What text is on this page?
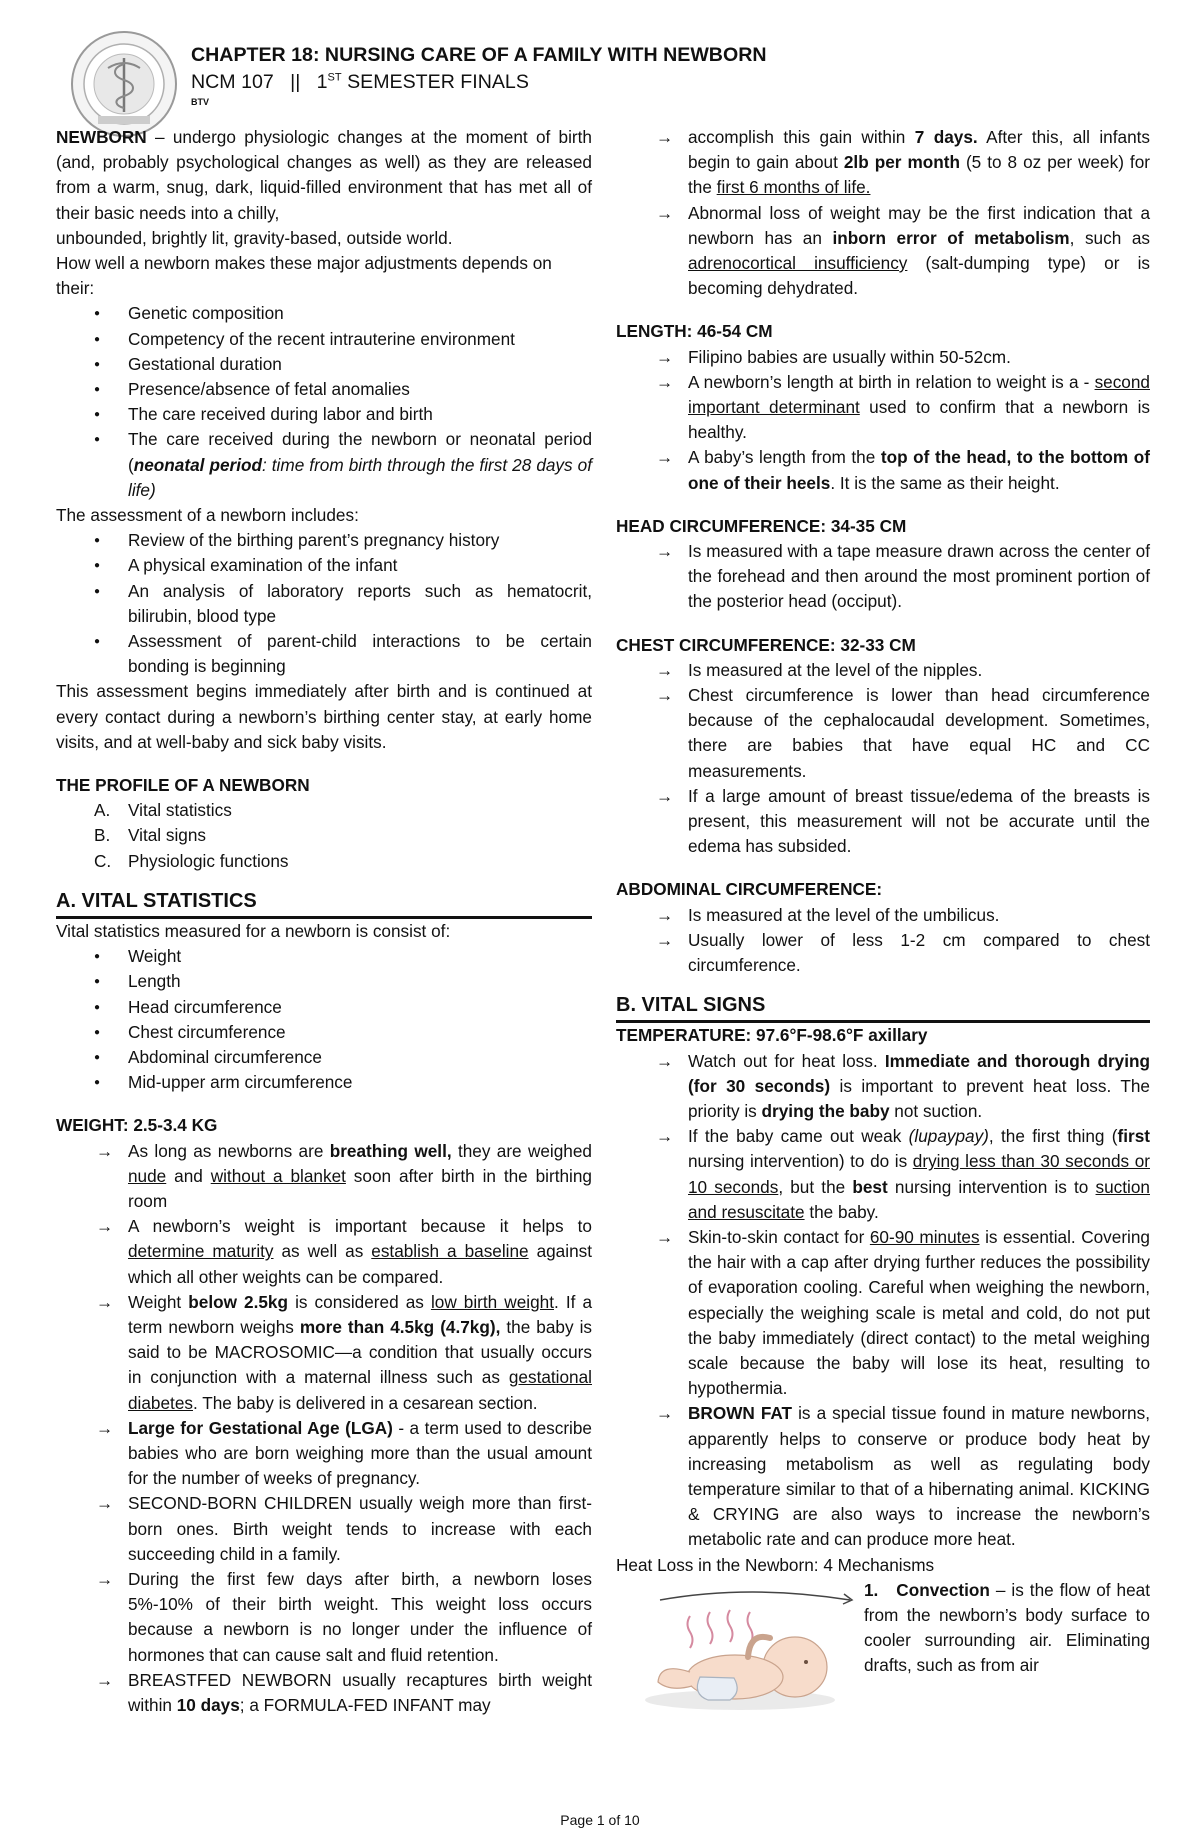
CHAPTER 18: NURSING CARE OF A FAMILY WITH NEWBORN
NCM 107 || 1ST SEMESTER FINALS
BTV

NEWBORN – undergo physiologic changes at the moment of birth (and, probably psychological changes as well) as they are released from a warm, snug, dark, liquid-filled environment that has met all of their basic needs into a chilly,

unbounded, brightly lit, gravity-based, outside world.

How well a newborn makes these major adjustments depends on their:

● Genetic composition
● Competency of the recent intrauterine environment
● Gestational duration
● Presence/absence of fetal anomalies
● The care received during labor and birth
● The care received during the newborn or neonatal period (neonatal period: time from birth through the first 28 days of life)

The assessment of a newborn includes:

● Review of the birthing parent’s pregnancy history
● A physical examination of the infant
● An analysis of laboratory reports such as hematocrit, bilirubin, blood type
● Assessment of parent-child interactions to be certain bonding is beginning

This assessment begins immediately after birth and is continued at every contact during a newborn’s birthing center stay, at early home visits, and at well-baby and sick baby visits.

THE PROFILE OF A NEWBORN

A. Vital statistics
B. Vital signs
C. Physiologic functions
A. VITAL STATISTICS

Vital statistics measured for a newborn is consist of:

● Weight
● Length
● Head circumference
● Chest circumference
● Abdominal circumference
● Mid-upper arm circumference

WEIGHT: 2.5-3.4 KG

→ As long as newborns are breathing well, they are weighed nude and without a blanket soon after birth in the birthing room
→ A newborn’s weight is important because it helps to determine maturity as well as establish a baseline against which all other weights can be compared.
→ Weight below 2.5kg is considered as low birth weight. If a term newborn weighs more than 4.5kg (4.7kg), the baby is said to be MACROSOMIC—a condition that usually occurs in conjunction with a maternal illness such as gestational diabetes. The baby is delivered in a cesarean section.
→ Large for Gestational Age (LGA) - a term used to describe babies who are born weighing more than the usual amount for the number of weeks of pregnancy.
→ SECOND-BORN CHILDREN usually weigh more than first-born ones. Birth weight tends to increase with each succeeding child in a family.
→ During the first few days after birth, a newborn loses 5%-10% of their birth weight. This weight loss occurs because a newborn is no longer under the influence of hormones that can cause salt and fluid retention.
→ BREASTFED NEWBORN usually recaptures birth weight within 10 days; a FORMULA-FED INFANT may
→ accomplish this gain within 7 days. After this, all infants begin to gain about 2lb per month (5 to 8 oz per week) for the first 6 months of life.
→ Abnormal loss of weight may be the first indication that a newborn has an inborn error of metabolism, such as adrenocortical insufficiency (salt-dumping type) or is becoming dehydrated.

LENGTH: 46-54 CM

→ Filipino babies are usually within 50-52cm.
→ A newborn’s length at birth in relation to weight is a - second important determinant used to confirm that a newborn is healthy.
→ A baby’s length from the top of the head, to the bottom of one of their heels. It is the same as their height.

HEAD CIRCUMFERENCE: 34-35 CM

→ Is measured with a tape measure drawn across the center of the forehead and then around the most prominent portion of the posterior head (occiput).

CHEST CIRCUMFERENCE: 32-33 CM

→ Is measured at the level of the nipples.
→ Chest circumference is lower than head circumference because of the cephalocaudal development. Sometimes, there are babies that have equal HC and CC measurements.
→ If a large amount of breast tissue/edema of the breasts is present, this measurement will not be accurate until the edema has subsided.

ABDOMINAL CIRCUMFERENCE:

→ Is measured at the level of the umbilicus.
→ Usually lower of less 1-2 cm compared to chest circumference.
B. VITAL SIGNS

TEMPERATURE: 97.6°F-98.6°F axillary

→ Watch out for heat loss. Immediate and thorough drying (for 30 seconds) is important to prevent heat loss. The priority is drying the baby not suction.
→ If the baby came out weak (lupaypay), the first thing (first nursing intervention) to do is drying less than 30 seconds or 10 seconds, but the best nursing intervention is to suction and resuscitate the baby.
→ Skin-to-skin contact for 60-90 minutes is essential. Covering the hair with a cap after drying further reduces the possibility of evaporation cooling. Careful when weighing the newborn, especially the weighing scale is metal and cold, do not put the baby immediately (direct contact) to the metal weighing scale because the baby will lose its heat, resulting to hypothermia.
→ BROWN FAT is a special tissue found in mature newborns, apparently helps to conserve or produce body heat by increasing metabolism as well as regulating body temperature similar to that of a hibernating animal. KICKING & CRYING are also ways to increase the newborn’s metabolic rate and can produce more heat.

Heat Loss in the Newborn: 4 Mechanisms

1. Convection – is the flow of heat from the newborn’s body surface to cooler surrounding air. Eliminating drafts, such as from air
Page 1 of 10
